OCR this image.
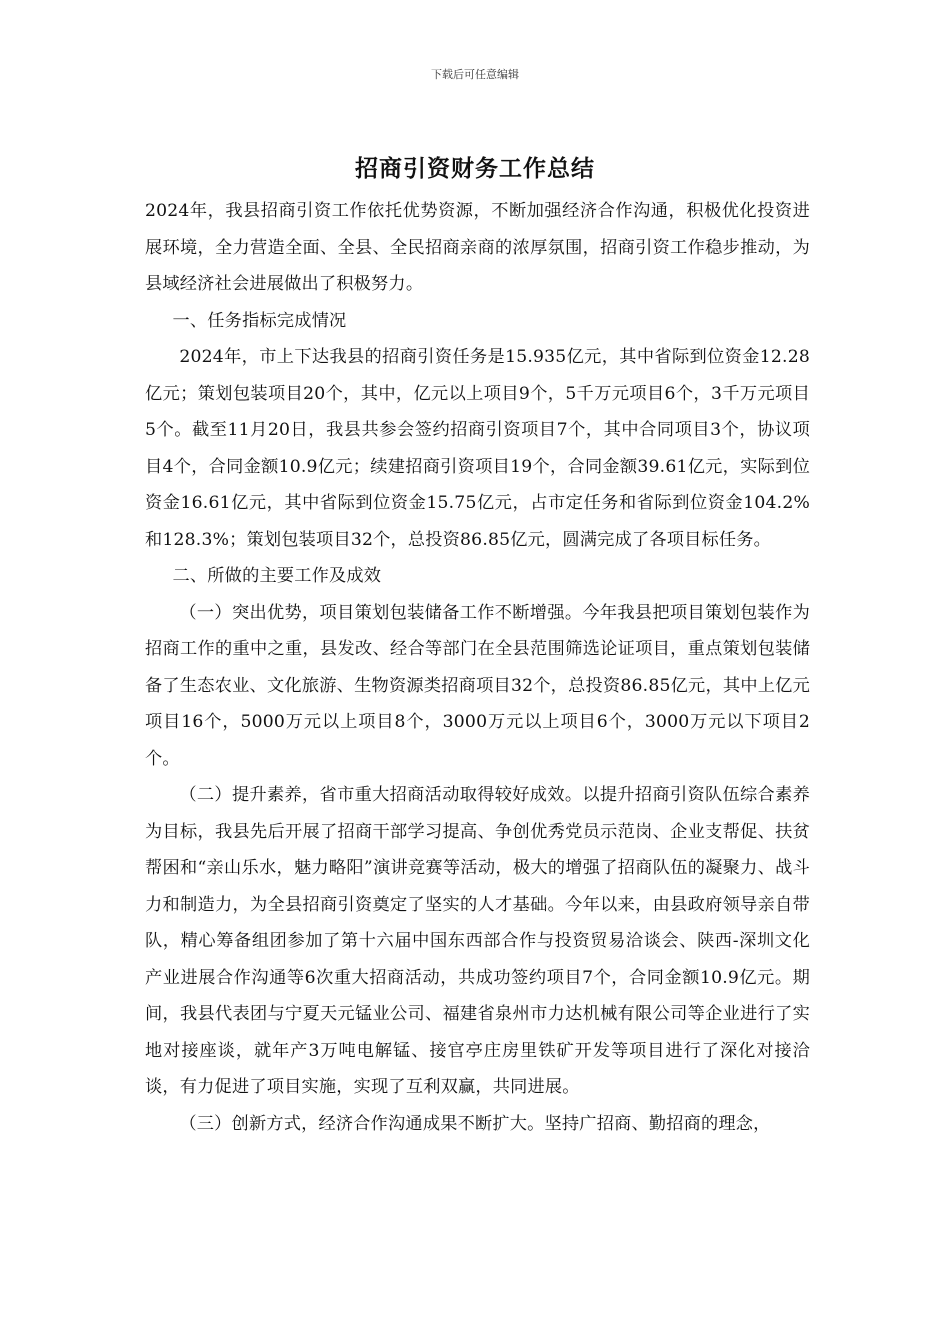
下载后可任意编辑
招商引资财务工作总结

2024年，我县招商引资工作依托优势资源，不断加强经济合作沟通，积极优化投资进展环境，全力营造全面、全县、全民招商亲商的浓厚氛围，招商引资工作稳步推动，为县域经济社会进展做出了积极努力。

一、任务指标完成情况

2024年，市上下达我县的招商引资任务是15.935亿元，其中省际到位资金12.28亿元；策划包装项目20个，其中，亿元以上项目9个，5千万元项目6个，3千万元项目5个。截至11月20日，我县共参会签约招商引资项目7个，其中合同项目3个，协议项目4个，合同金额10.9亿元；续建招商引资项目19个，合同金额39.61亿元，实际到位资金16.61亿元，其中省际到位资金15.75亿元，占市定任务和省际到位资金104.2%和128.3%；策划包装项目32个，总投资86.85亿元，圆满完成了各项目标任务。

二、所做的主要工作及成效

（一）突出优势，项目策划包装储备工作不断增强。今年我县把项目策划包装作为招商工作的重中之重，县发改、经合等部门在全县范围筛选论证项目，重点策划包装储备了生态农业、文化旅游、生物资源类招商项目32个，总投资86.85亿元，其中上亿元项目16个，5000万元以上项目8个，3000万元以上项目6个，3000万元以下项目2个。

（二）提升素养，省市重大招商活动取得较好成效。以提升招商引资队伍综合素养为目标，我县先后开展了招商干部学习提高、争创优秀党员示范岗、企业支帮促、扶贫帮困和“亲山乐水，魅力略阳”演讲竞赛等活动，极大的增强了招商队伍的凝聚力、战斗力和制造力，为全县招商引资奠定了坚实的人才基础。今年以来，由县政府领导亲自带队，精心筹备组团参加了第十六届中国东西部合作与投资贸易洽谈会、陕西-深圳文化产业进展合作沟通等6次重大招商活动，共成功签约项目7个，合同金额10.9亿元。期间，我县代表团与宁夏天元锰业公司、福建省泉州市力达机械有限公司等企业进行了实地对接座谈，就年产3万吨电解锰、接官亭庄房里铁矿开发等项目进行了深化对接洽谈，有力促进了项目实施，实现了互利双赢，共同进展。

（三）创新方式，经济合作沟通成果不断扩大。坚持广招商、勤招商的理念，
